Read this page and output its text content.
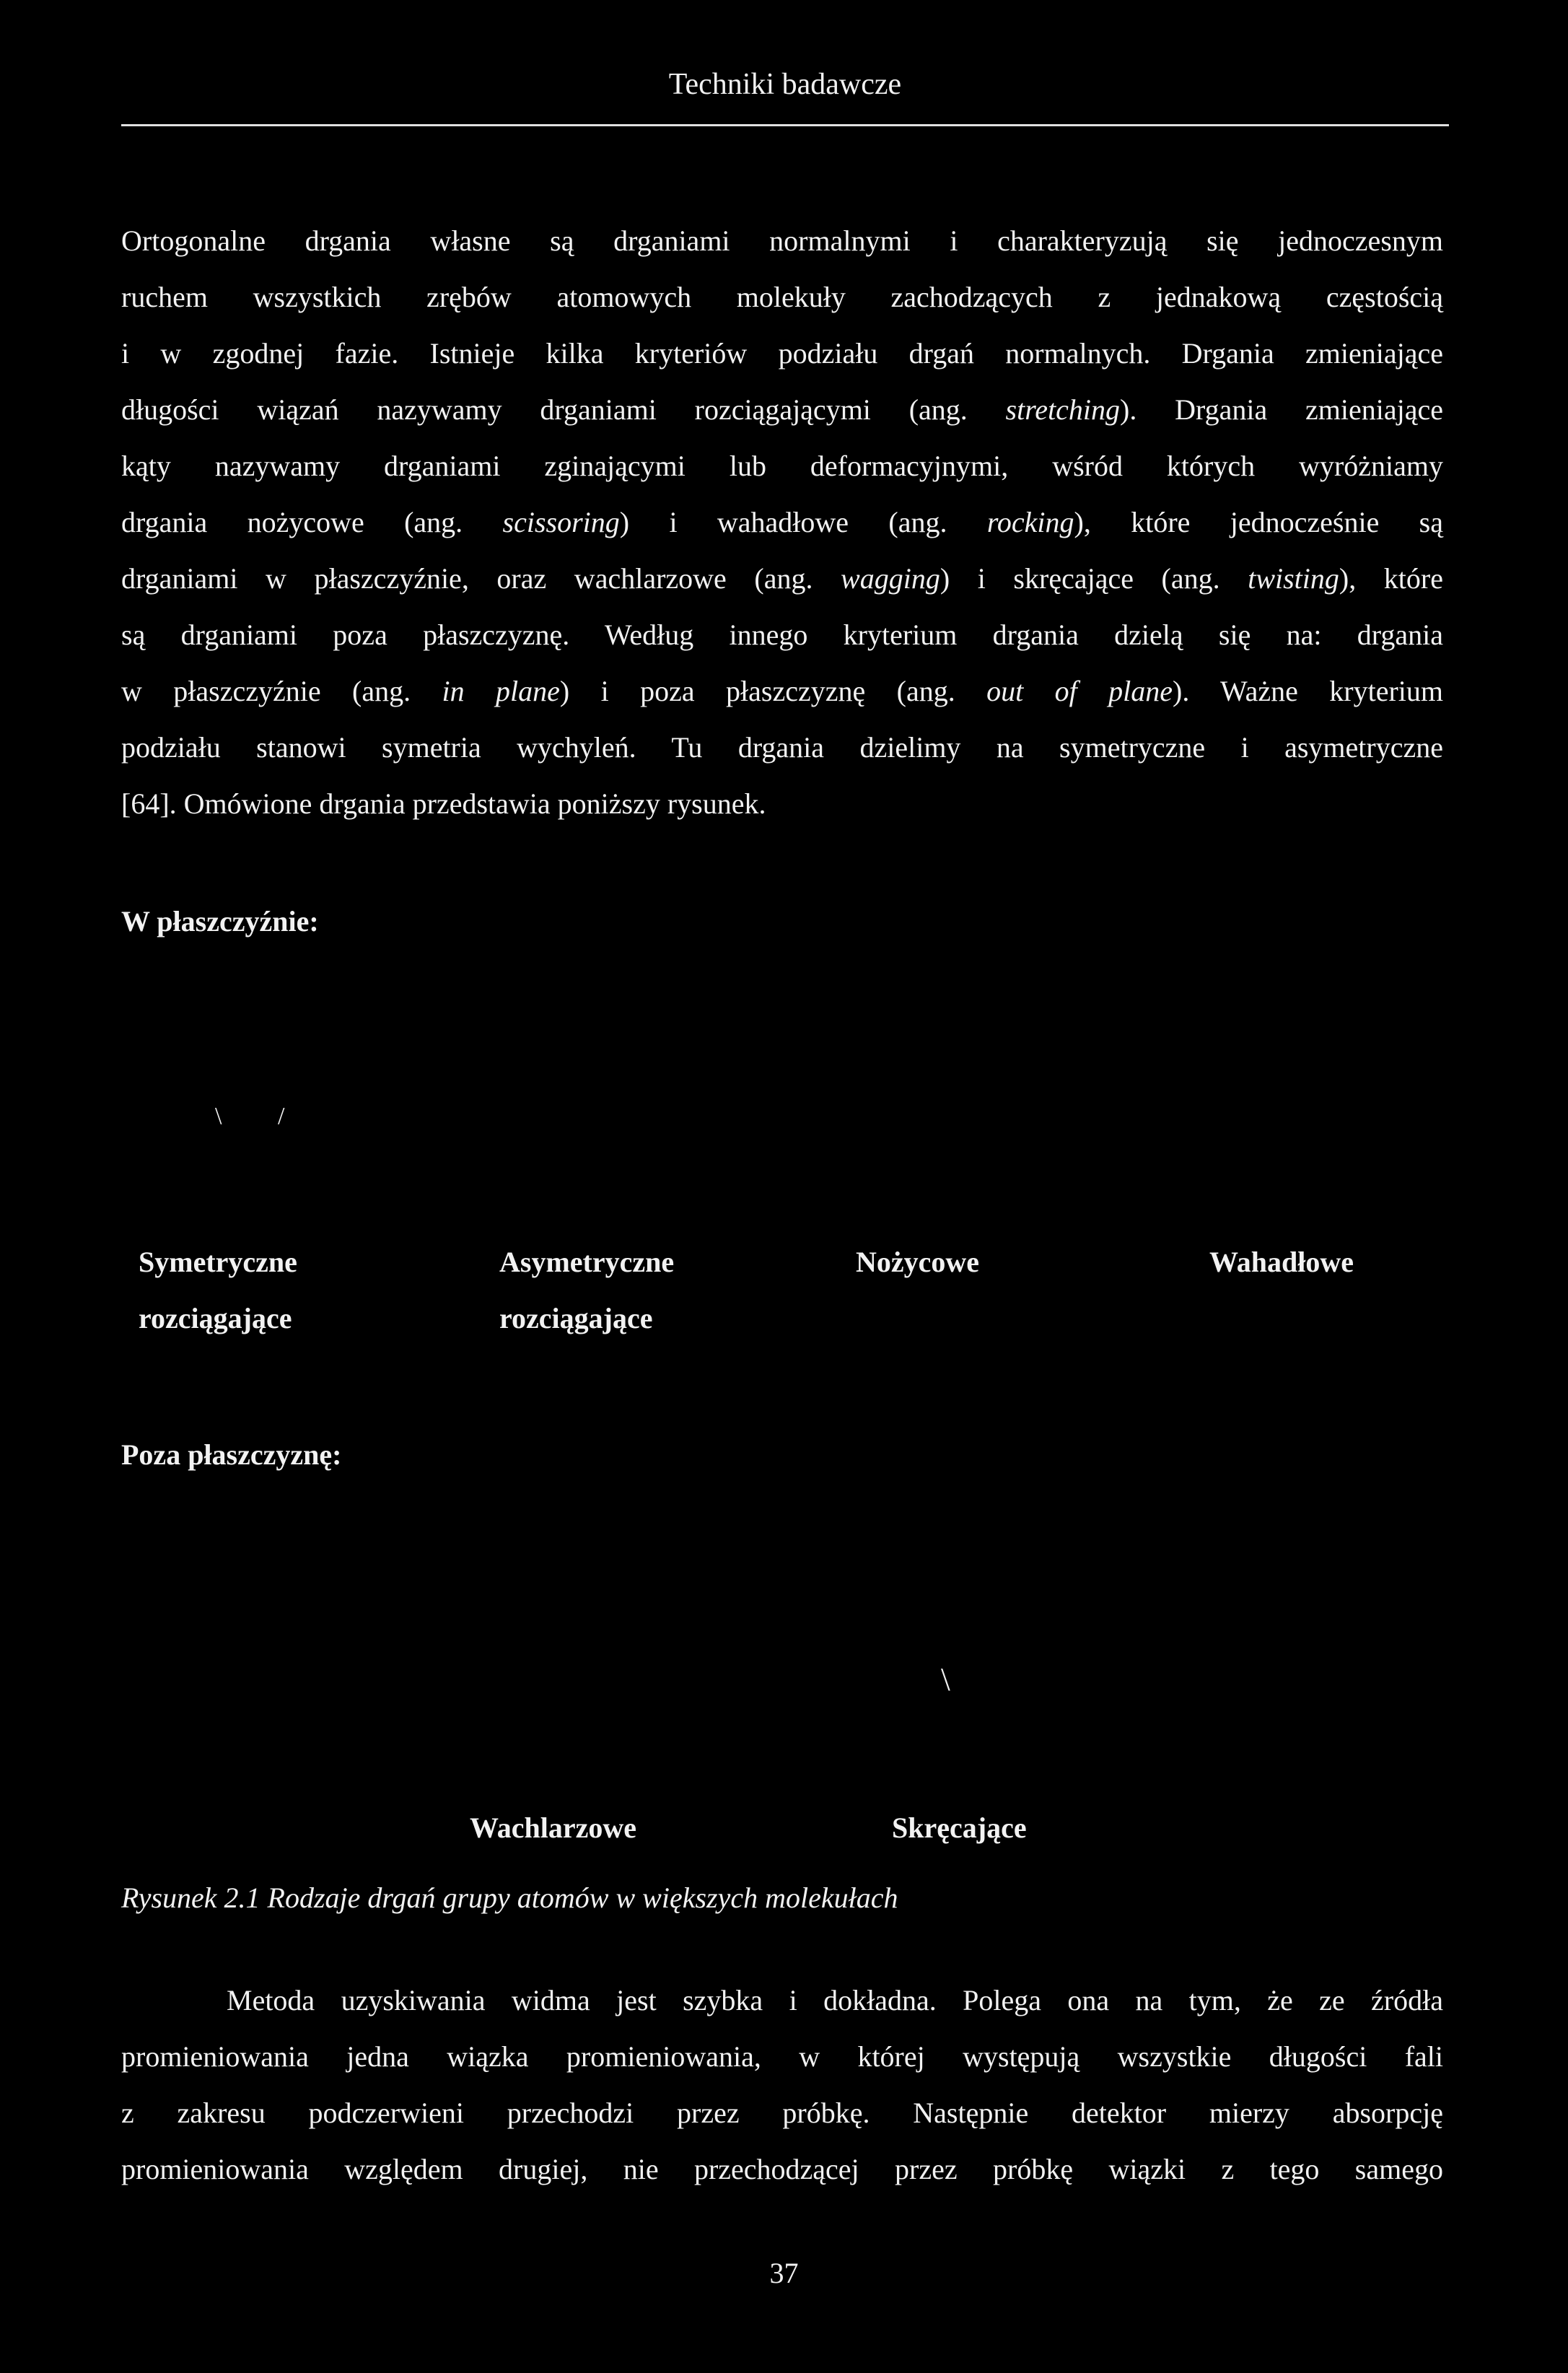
Techniki badawcze

Ortogonalne drgania własne są drganiami normalnymi i charakteryzują się jednoczesnym
ruchem wszystkich zrębów atomowych molekuły zachodzących z jednakową częstością
i w zgodnej fazie. Istnieje kilka kryteriów podziału drgań normalnych. Drgania zmieniające
długości wiązań nazywamy drganiami rozciągającymi (ang. stretching). Drgania zmieniające
kąty nazywamy drganiami zginającymi lub deformacyjnymi, wśród których wyróżniamy
drgania nożycowe (ang. scissoring) i wahadłowe (ang. rocking), które jednocześnie są
drganiami w płaszczyźnie, oraz wachlarzowe (ang. wagging) i skręcające (ang. twisting), które
są drganiami poza płaszczyznę. Według innego kryterium drgania dzielą się na: drgania
w płaszczyźnie (ang. in plane) i poza płaszczyznę (ang. out of plane). Ważne kryterium
podziału stanowi symetria wychyleń. Tu drgania dzielimy na symetryczne i asymetryczne
[64]. Omówione drgania przedstawia poniższy rysunek.

W płaszczyźnie:
\ /
Symetryczne
rozciągające
Asymetryczne
rozciągające
Nożycowe	Wahadłowe
Poza płaszczyznę:
\
Wachlarzowe	Skręcające
Rysunek 2.1 Rodzaje drgań grupy atomów w większych molekułach

Metoda uzyskiwania widma jest szybka i dokładna. Polega ona na tym, że ze źródła
promieniowania jedna wiązka promieniowania, w której występują wszystkie długości fali
z zakresu podczerwieni przechodzi przez próbkę. Następnie detektor mierzy absorpcję
promieniowania względem drugiej, nie przechodzącej przez próbkę wiązki z tego samego

37
